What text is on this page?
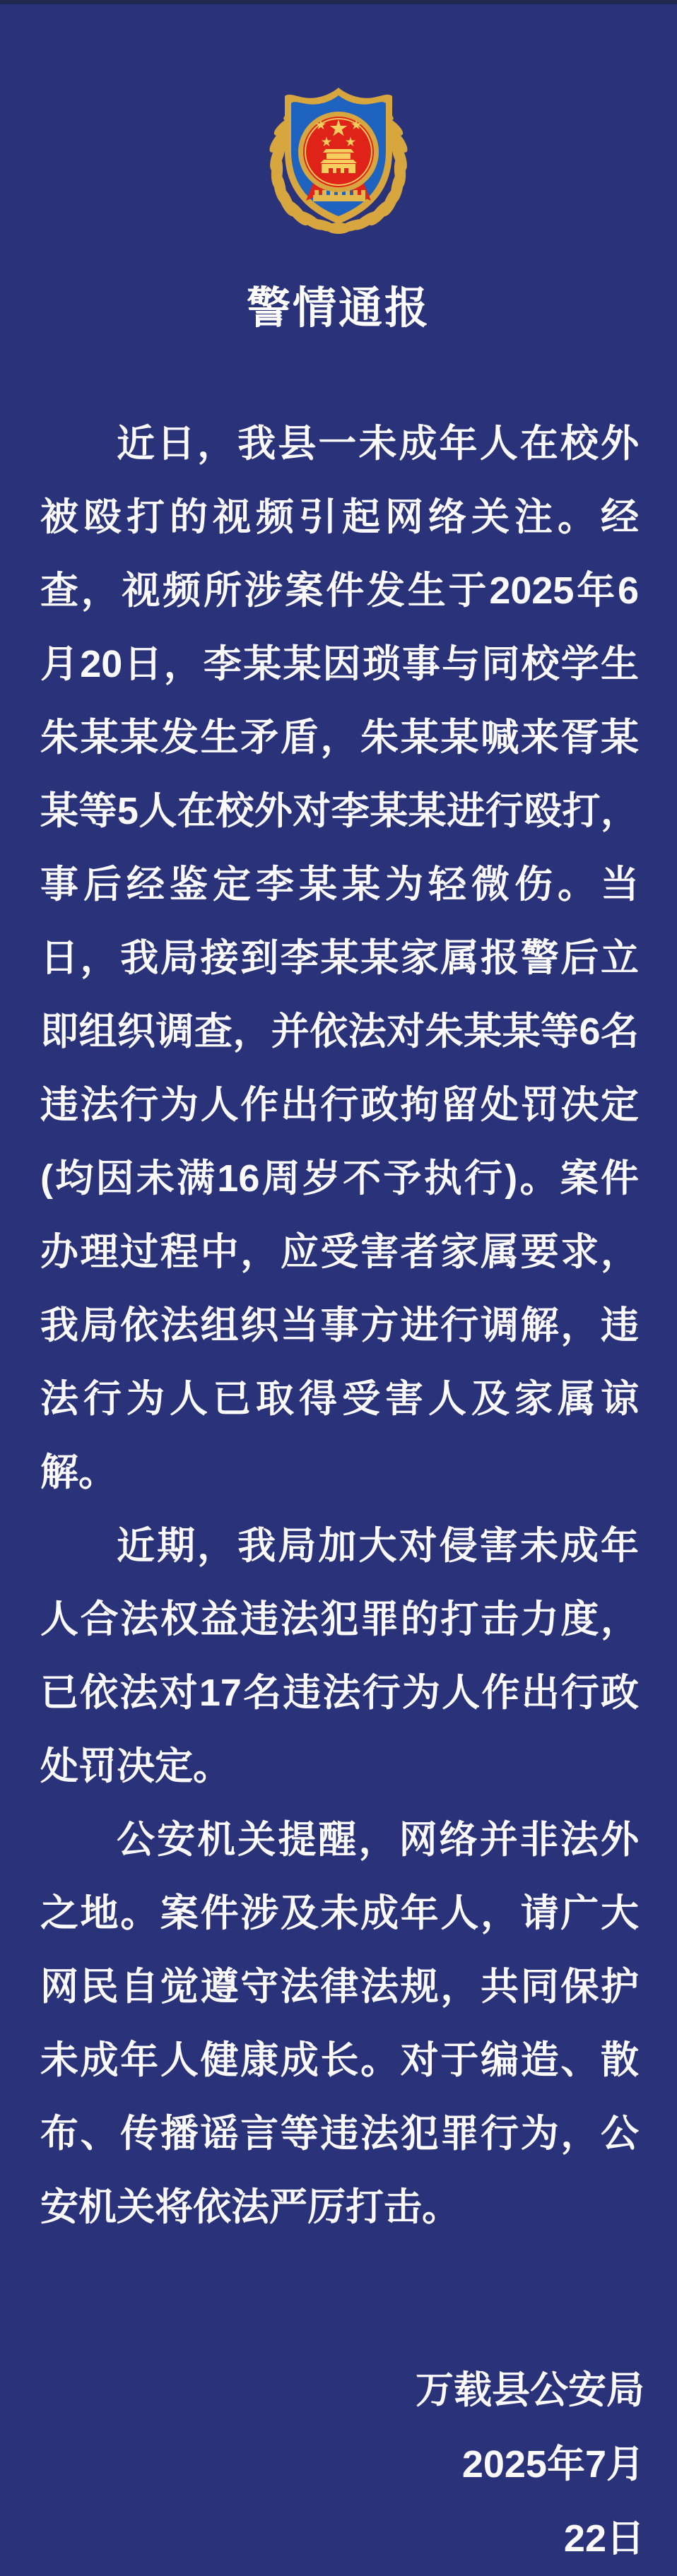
警情通报

近日，我县一未成年人在校外被殴打的视频引起网络关注。经查，视频所涉案件发生于2025年6月20日，李某某因琐事与同校学生朱某某发生矛盾，朱某某喊来胥某某等5人在校外对李某某进行殴打，事后经鉴定李某某为轻微伤。当日，我局接到李某某家属报警后立即组织调查，并依法对朱某某等6名违法行为人作出行政拘留处罚决定(均因未满16周岁不予执行)。案件办理过程中，应受害者家属要求，我局依法组织当事方进行调解，违法行为人已取得受害人及家属谅解。

近期，我局加大对侵害未成年人合法权益违法犯罪的打击力度，已依法对17名违法行为人作出行政处罚决定。

公安机关提醒，网络并非法外之地。案件涉及未成年人，请广大网民自觉遵守法律法规，共同保护未成年人健康成长。对于编造、散布、传播谣言等违法犯罪行为，公安机关将依法严厉打击。

万载县公安局
2025年7月
22日
